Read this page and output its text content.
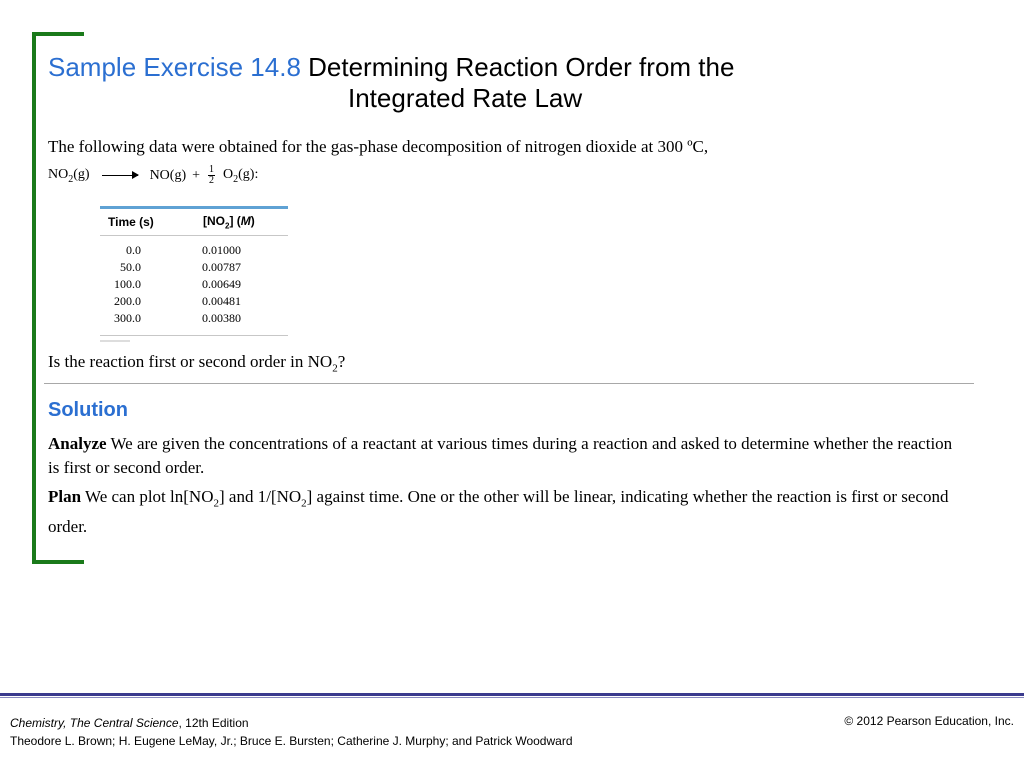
Sample Exercise 14.8 Determining Reaction Order from the
Integrated Rate Law
The following data were obtained for the gas-phase decomposition of nitrogen dioxide at 300 ºC,
$NO_2(g) \to NO(g) + \frac{1}{2} O_2(g)$:
Time (s)	$[NO_2]$ (M)
0.0	0.01000
50.0	0.00787
100.0	0.00649
200.0	0.00481
300.0	0.00380
Is the reaction first or second order in $NO_2$?
Solution
Analyze We are given the concentrations of a reactant at various times during a reaction and asked to determine whether the reaction is first or second order.
Plan We can plot $\ln[NO_2]$ and $1/[NO_2]$ against time. One or the other will be linear, indicating whether the reaction is first or second order.
Chemistry, The Central Science, 12th Edition
Theodore L. Brown; H. Eugene LeMay, Jr.; Bruce E. Bursten; Catherine J. Murphy; and Patrick Woodward
© 2012 Pearson Education, Inc.
